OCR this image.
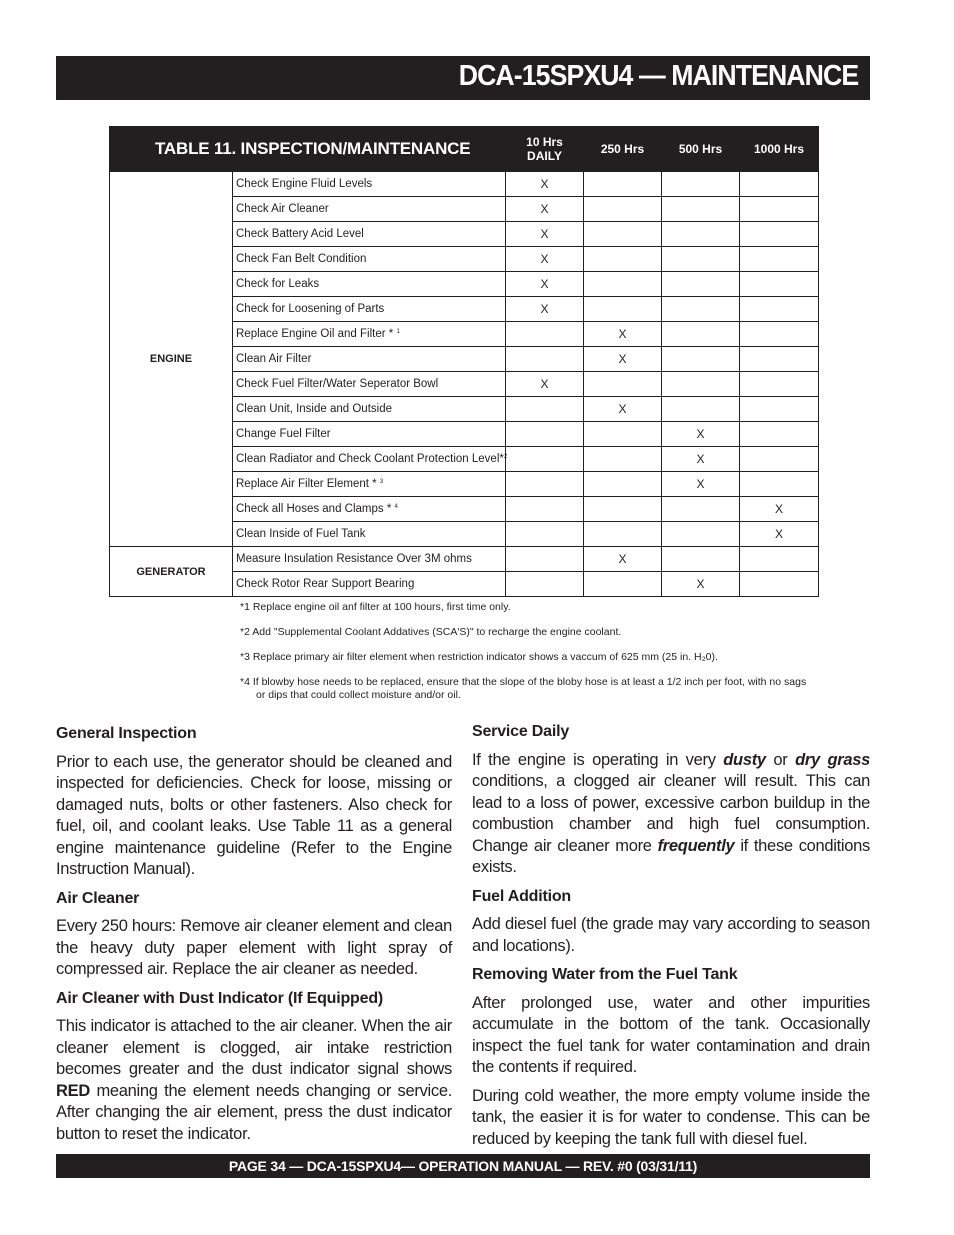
DCA-15SPXU4 — MAINTENANCE
TABLE 11. INSPECTION/MAINTENANCE		10 Hrs
DAILY	250 Hrs	500 Hrs	1000 Hrs
ENGINE	Check Engine Fluid Levels	X			
	Check Air Cleaner	X			
	Check Battery Acid Level	X			
	Check Fan Belt Condition	X			
	Check for Leaks	X			
	Check for Loosening of Parts	X			
	Replace Engine Oil and Filter * $^1$		X		
	Clean Air Filter		X		
	Check Fuel Filter/Water Seperator Bowl	X			
	Clean Unit, Inside and Outside		X		
	Change Fuel Filter			X	
	Clean Radiator and Check Coolant Protection Level*$^2$			X	
	Replace Air Filter Element * $^3$			X	
	Check all Hoses and Clamps * $^4$				X
	Clean Inside of Fuel Tank				X
GENERATOR	Measure Insulation Resistance Over 3M ohms		X		
	Check Rotor Rear Support Bearing			X	

*1 Replace engine oil anf filter at 100 hours, first time only.

*2 Add "Supplemental Coolant Addatives (SCA'S)" to recharge the engine coolant.

*3 Replace primary air filter element when restriction indicator shows a vaccum of 625 mm (25 in. H₂0).

*4 If blowby hose needs to be replaced, ensure that the slope of the bloby hose is at least a 1/2 inch per foot, with no sags or dips that could collect moisture and/or oil.

General Inspection

Prior to each use, the generator should be cleaned and inspected for deficiencies. Check for loose, missing or damaged nuts, bolts or other fasteners. Also check for fuel, oil, and coolant leaks. Use Table 11 as a general engine maintenance guideline (Refer to the Engine Instruction Manual).

Air Cleaner

Every 250 hours: Remove air cleaner element and clean the heavy duty paper element with light spray of compressed air. Replace the air cleaner as needed.

Air Cleaner with Dust Indicator (If Equipped)

This indicator is attached to the air cleaner. When the air cleaner element is clogged, air intake restriction becomes greater and the dust indicator signal shows RED meaning the element needs changing or service. After changing the air element, press the dust indicator button to reset the indicator.

Service Daily

If the engine is operating in very dusty or dry grass conditions, a clogged air cleaner will result. This can lead to a loss of power, excessive carbon buildup in the combustion chamber and high fuel consumption. Change air cleaner more frequently if these conditions exists.

Fuel Addition

Add diesel fuel (the grade may vary according to season and locations).

Removing Water from the Fuel Tank

After prolonged use, water and other impurities accumulate in the bottom of the tank. Occasionally inspect the fuel tank for water contamination and drain the contents if required.

During cold weather, the more empty volume inside the tank, the easier it is for water to condense. This can be reduced by keeping the tank full with diesel fuel.

PAGE 34 — DCA-15SPXU4— OPERATION MANUAL — REV. #0 (03/31/11)
